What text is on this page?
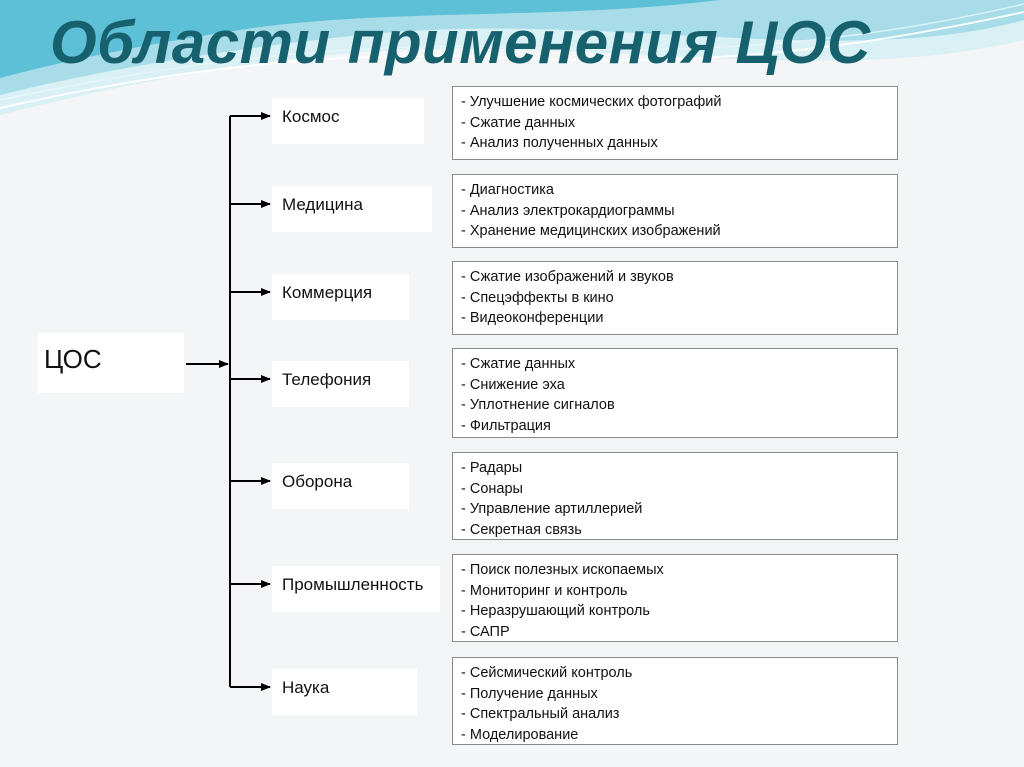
Области применения ЦОС
ЦОС
Космос
- Улучшение космических фотографий
- Сжатие данных
- Анализ полученных данных
Медицина
- Диагностика
- Анализ электрокардиограммы
- Хранение медицинских изображений
Коммерция
- Сжатие изображений и звуков
- Спецэффекты в кино
- Видеоконференции
Телефония
- Сжатие данных
- Снижение эха
- Уплотнение сигналов
- Фильтрация
Оборона
- Радары
- Сонары
- Управление артиллерией
- Секретная связь
Промышленность
- Поиск полезных ископаемых
- Мониторинг и контроль
- Неразрушающий контроль
- САПР
Наука
- Сейсмический контроль
- Получение данных
- Спектральный анализ
- Моделирование
